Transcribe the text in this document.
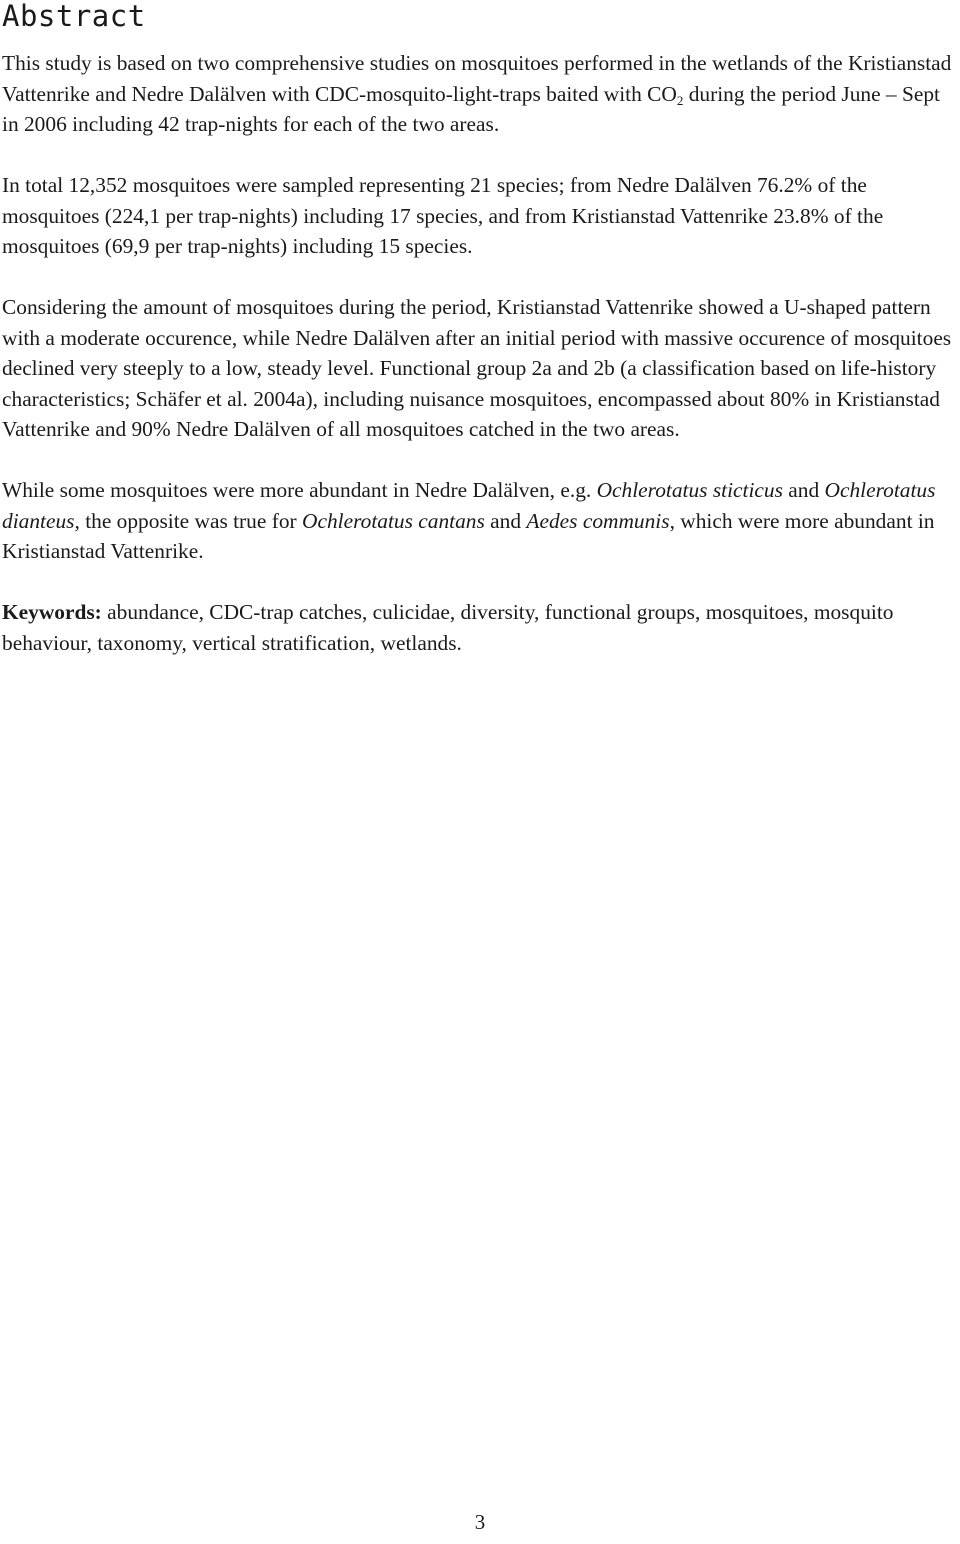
Abstract

This study is based on two comprehensive studies on mosquitoes performed in the wetlands of the Kristianstad Vattenrike and Nedre Dalälven with CDC-mosquito-light-traps baited with $CO_2$ during the period June – Sept in 2006 including 42 trap-nights for each of the two areas.

In total 12,352 mosquitoes were sampled representing 21 species; from Nedre Dalälven 76.2% of the mosquitoes (224,1 per trap-nights) including 17 species, and from Kristianstad Vattenrike 23.8% of the mosquitoes (69,9 per trap-nights) including 15 species.

Considering the amount of mosquitoes during the period, Kristianstad Vattenrike showed a U-shaped pattern with a moderate occurence, while Nedre Dalälven after an initial period with massive occurence of mosquitoes declined very steeply to a low, steady level. Functional group 2a and 2b (a classification based on life-history characteristics; Schäfer et al. 2004a), including nuisance mosquitoes, encompassed about 80% in Kristianstad Vattenrike and 90% Nedre Dalälven of all mosquitoes catched in the two areas.

While some mosquitoes were more abundant in Nedre Dalälven, e.g. Ochlerotatus sticticus and Ochlerotatus dianteus, the opposite was true for Ochlerotatus cantans and Aedes communis, which were more abundant in Kristianstad Vattenrike.

Keywords: abundance, CDC-trap catches, culicidae, diversity, functional groups, mosquitoes, mosquito behaviour, taxonomy, vertical stratification, wetlands.

3
